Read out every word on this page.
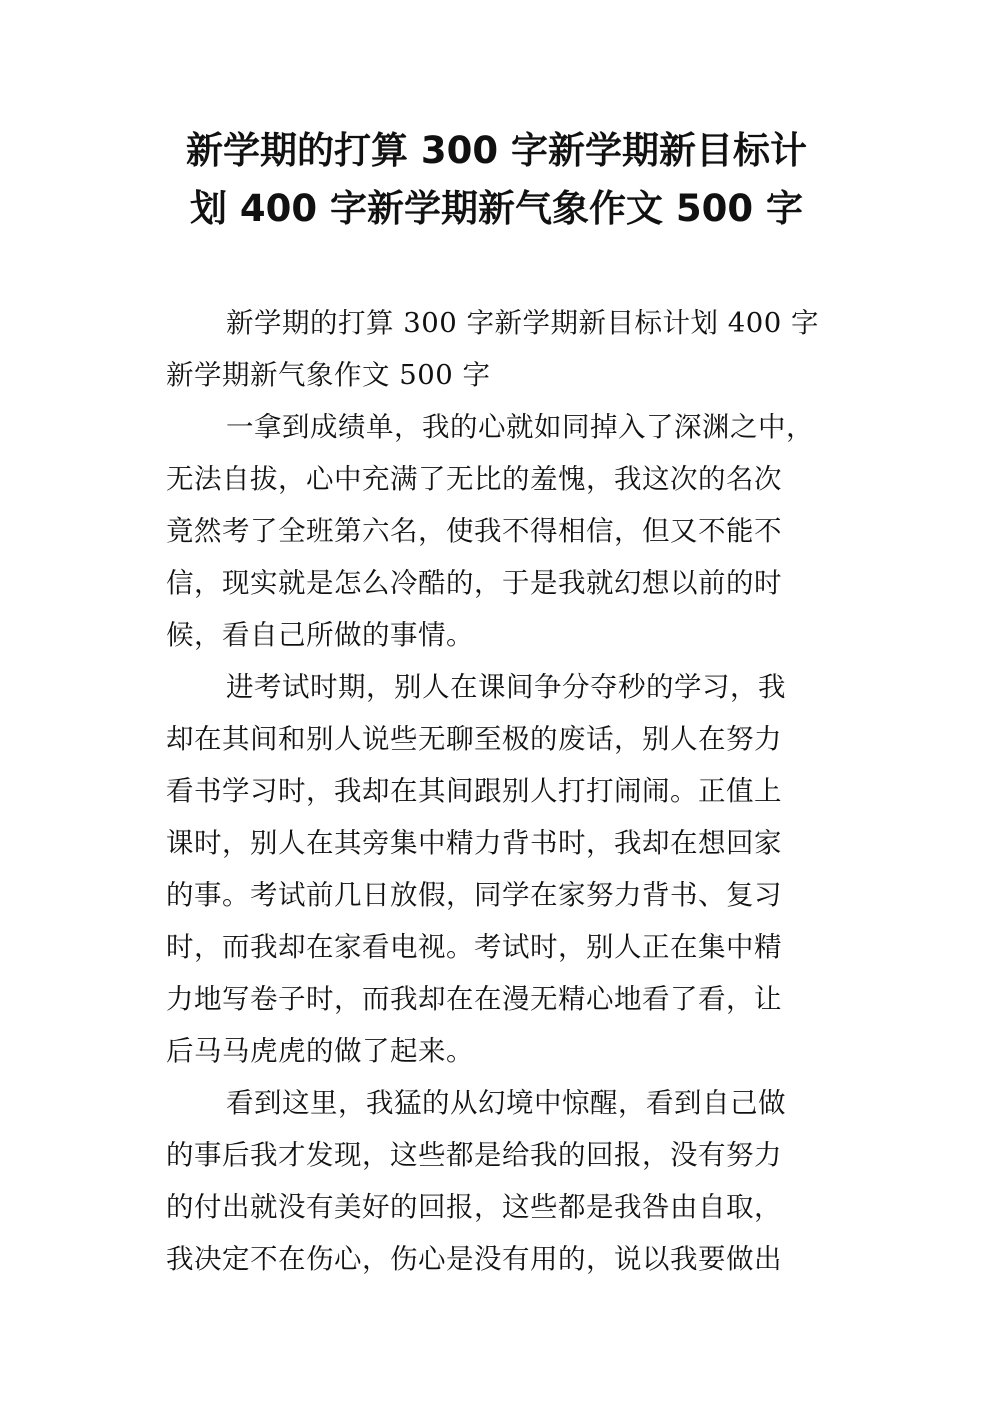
新学期的打算 300 字新学期新目标计
划 400 字新学期新气象作文 500 字

新学期的打算 300 字新学期新目标计划 400 字
新学期新气象作文 500 字

一拿到成绩单，我的心就如同掉入了深渊之中，
无法自拔，心中充满了无比的羞愧，我这次的名次
竟然考了全班第六名，使我不得相信，但又不能不
信，现实就是怎么冷酷的，于是我就幻想以前的时
候，看自己所做的事情。

进考试时期，别人在课间争分夺秒的学习，我
却在其间和别人说些无聊至极的废话，别人在努力
看书学习时，我却在其间跟别人打打闹闹。正值上
课时，别人在其旁集中精力背书时，我却在想回家
的事。考试前几日放假，同学在家努力背书、复习
时，而我却在家看电视。考试时，别人正在集中精
力地写卷子时，而我却在在漫无精心地看了看，让
后马马虎虎的做了起来。

看到这里，我猛的从幻境中惊醒，看到自己做
的事后我才发现，这些都是给我的回报，没有努力
的付出就没有美好的回报，这些都是我咎由自取，
我决定不在伤心，伤心是没有用的，说以我要做出
